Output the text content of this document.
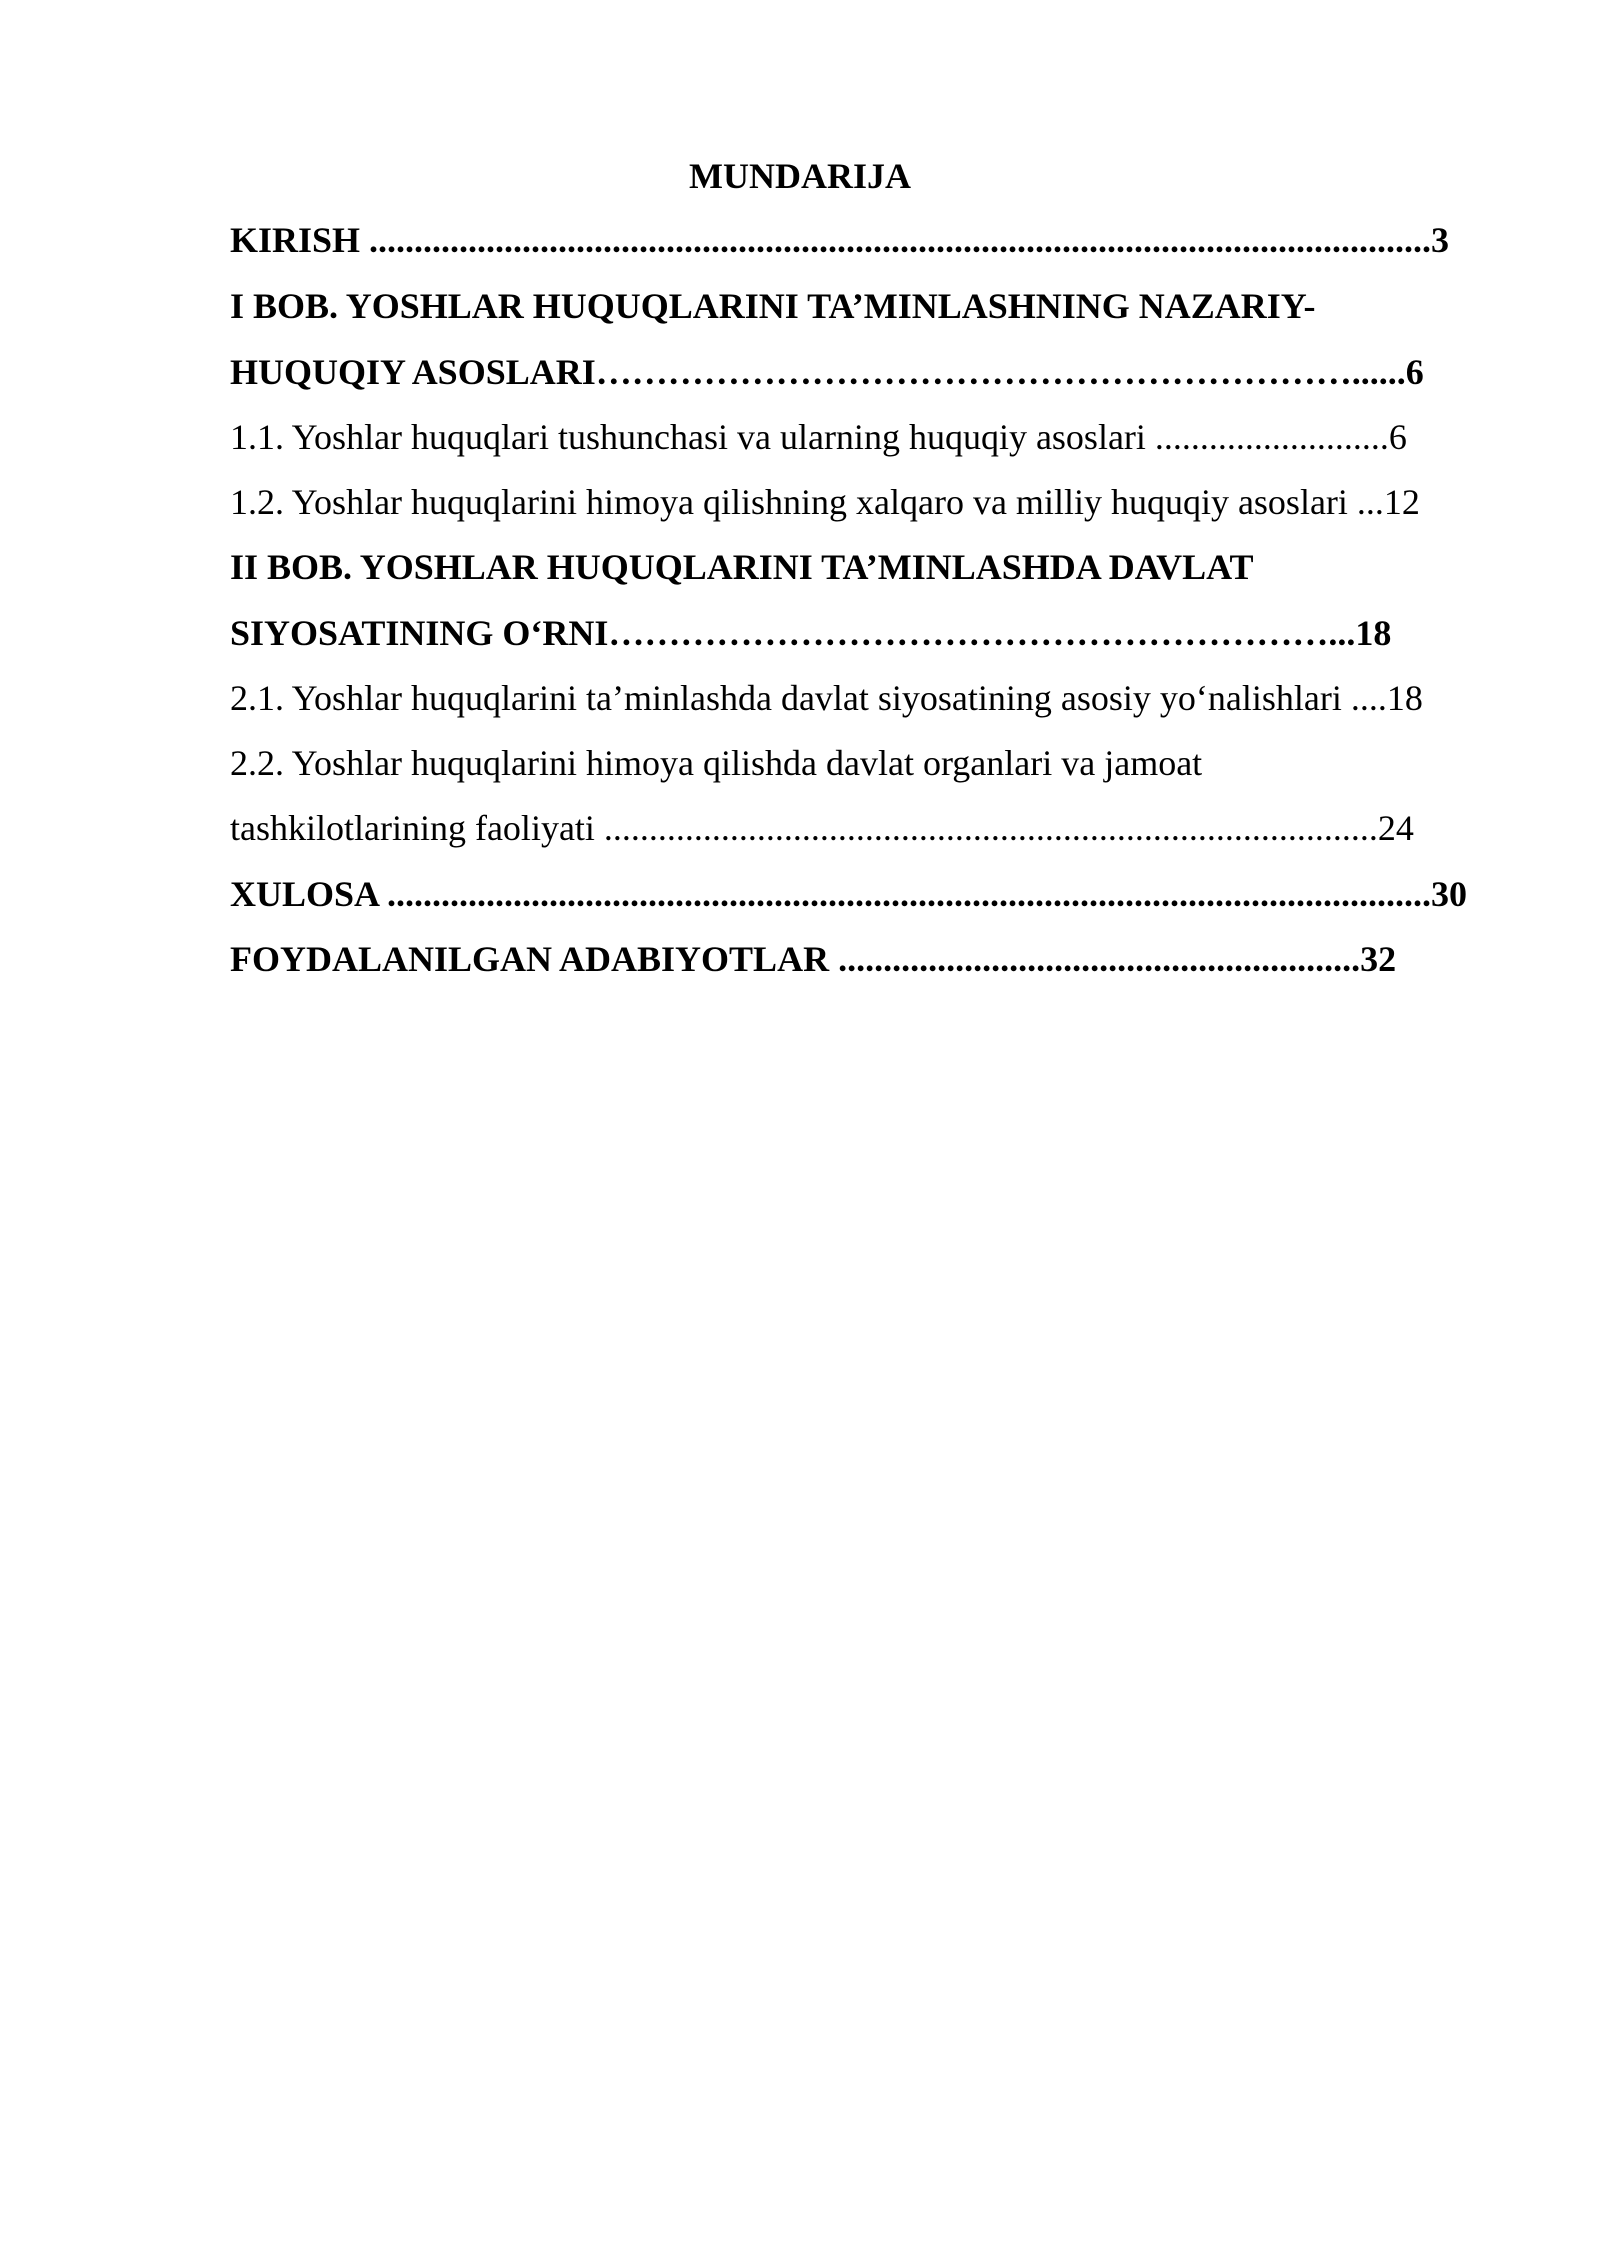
MUNDARIJA
KIRISH ......................................................................................................................3
I BOB. YOSHLAR HUQUQLARINI TA’MINLASHNING NAZARIY-
HUQUQIY ASOSLARI………………………………………………………......6
1.1. Yoshlar huquqlari tushunchasi va ularning huquqiy asoslari ..........................6
1.2. Yoshlar huquqlarini himoya qilishning xalqaro va milliy huquqiy asoslari ...12
II BOB. YOSHLAR HUQUQLARINI TA’MINLASHDA DAVLAT
SIYOSATINING O‘RNI……………………………………………………...18
2.1. Yoshlar huquqlarini ta’minlashda davlat siyosatining asosiy yo‘nalishlari ....18
2.2. Yoshlar huquqlarini himoya qilishda davlat organlari va jamoat
tashkilotlarining faoliyati ......................................................................................24
XULOSA ....................................................................................................................30
FOYDALANILGAN ADABIYOTLAR ..........................................................32
